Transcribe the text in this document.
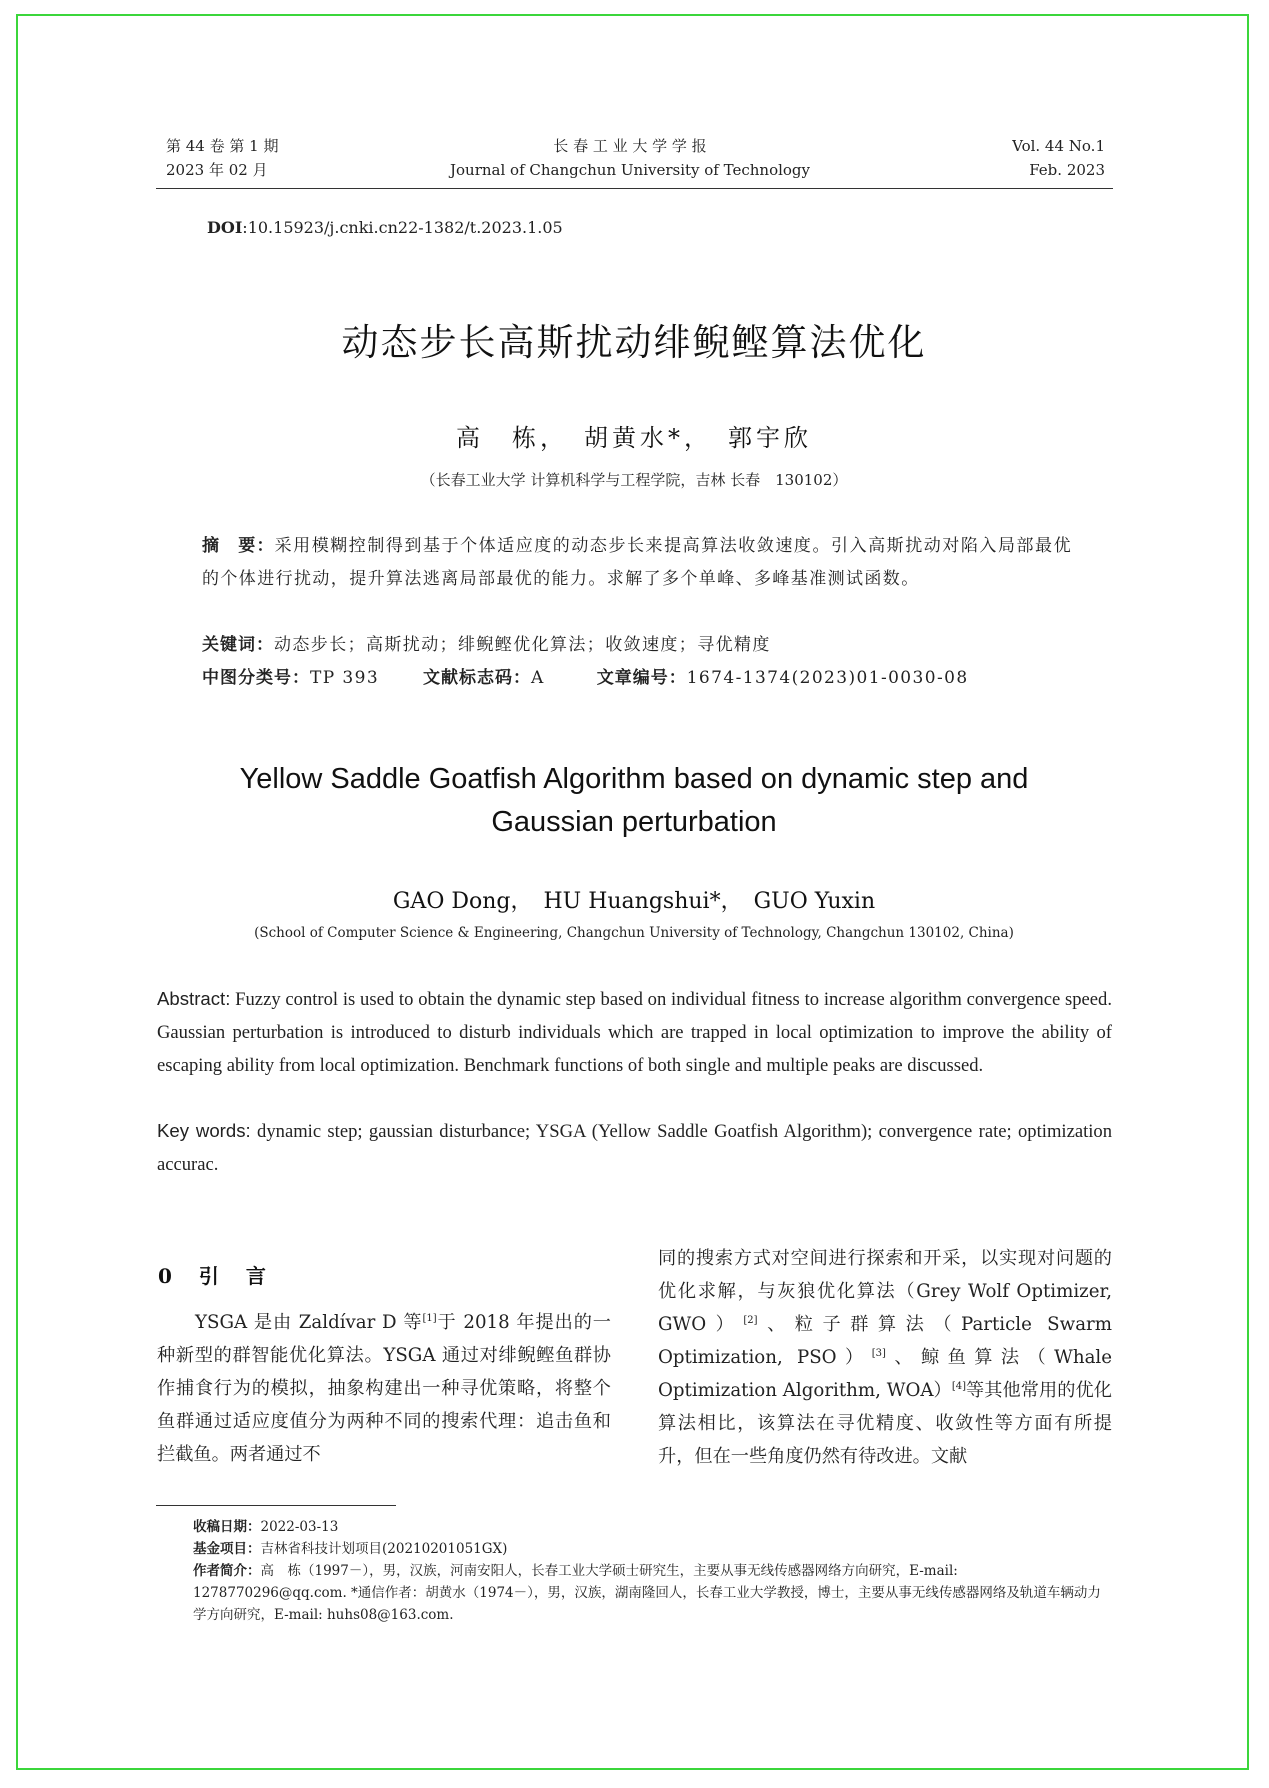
第 44 卷 第 1 期
2023 年 02 月
长 春 工 业 大 学 学 报
Journal of Changchun University of Technology
Vol. 44 No.1
Feb. 2023
DOI:10.15923/j.cnki.cn22-1382/t.2023.1.05
动态步长高斯扰动绯鲵鲣算法优化
高　栋，　胡黄水*，　郭宇欣
（长春工业大学 计算机科学与工程学院，吉林 长春　130102）
摘　要：采用模糊控制得到基于个体适应度的动态步长来提高算法收敛速度。引入高斯扰动对陷入局部最优的个体进行扰动，提升算法逃离局部最优的能力。求解了多个单峰、多峰基准测试函数。
关键词：动态步长；高斯扰动；绯鲵鲣优化算法；收敛速度；寻优精度
中图分类号：TP 393	文献标志码：A	文章编号：1674-1374(2023)01-0030-08
Yellow Saddle Goatfish Algorithm based on dynamic step and
Gaussian perturbation
GAO Dong，　HU Huangshui*，　GUO Yuxin
(School of Computer Science & Engineering, Changchun University of Technology, Changchun 130102, China)
Abstract: Fuzzy control is used to obtain the dynamic step based on individual fitness to increase algorithm convergence speed. Gaussian perturbation is introduced to disturb individuals which are trapped in local optimization to improve the ability of escaping ability from local optimization. Benchmark functions of both single and multiple peaks are discussed.
Key words: dynamic step; gaussian disturbance; YSGA (Yellow Saddle Goatfish Algorithm); convergence rate; optimization accurac.
0 引 言
YSGA 是由 Zaldívar D 等[1]于 2018 年提出的一种新型的群智能优化算法。YSGA 通过对绯鲵鲣鱼群协作捕食行为的模拟，抽象构建出一种寻优策略，将整个鱼群通过适应度值分为两种不同的搜索代理：追击鱼和拦截鱼。两者通过不
同的搜索方式对空间进行探索和开采，以实现对问题的优化求解，与灰狼优化算法（Grey Wolf Optimizer, GWO）[2]、粒子群算法（Particle Swarm Optimization, PSO）[3]、鲸鱼算法（Whale Optimization Algorithm, WOA）[4]等其他常用的优化算法相比，该算法在寻优精度、收敛性等方面有所提升，但在一些角度仍然有待改进。文献
收稿日期：2022-03-13
基金项目：吉林省科技计划项目(20210201051GX)
作者简介：高　栋（1997－），男，汉族，河南安阳人，长春工业大学硕士研究生，主要从事无线传感器网络方向研究，E-mail: 1278770296@qq.com. *通信作者：胡黄水（1974－），男，汉族，湖南隆回人，长春工业大学教授，博士，主要从事无线传感器网络及轨道车辆动力学方向研究，E-mail: huhs08@163.com.
